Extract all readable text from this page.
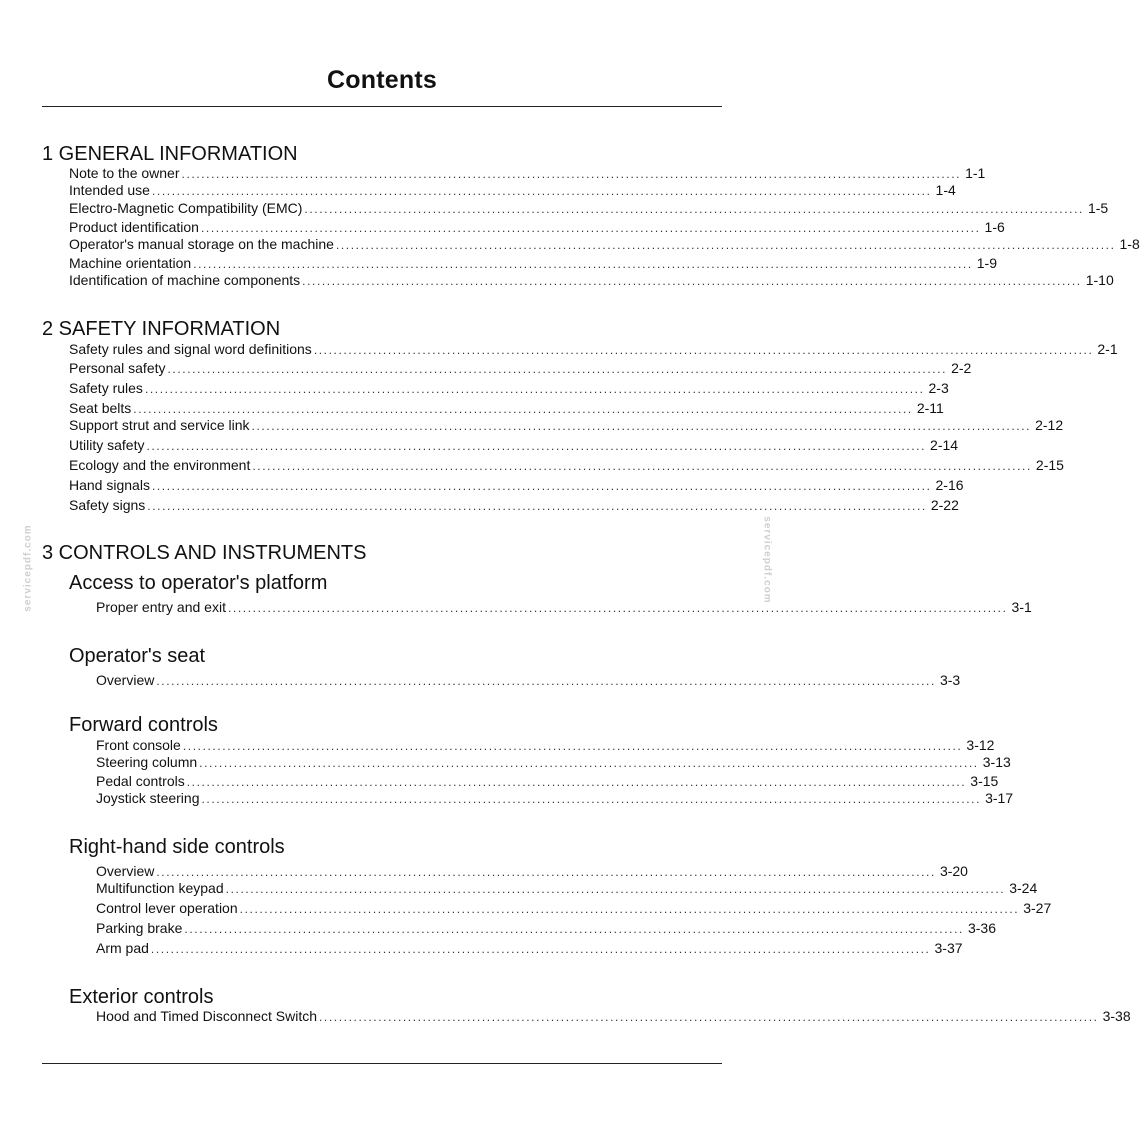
servicepdf.com	servicepdf.com
Contents
1 GENERAL INFORMATION
Note to the owner .............................................................................................................................................................. 1-1
Intended use .............................................................................................................................................................. 1-4
Electro-Magnetic Compatibility (EMC) .............................................................................................................................................................. 1-5
Product identification .............................................................................................................................................................. 1-6
Operator's manual storage on the machine .............................................................................................................................................................. 1-8
Machine orientation .............................................................................................................................................................. 1-9
Identification of machine components .............................................................................................................................................................. 1-10
2 SAFETY INFORMATION
Safety rules and signal word definitions .............................................................................................................................................................. 2-1
Personal safety .............................................................................................................................................................. 2-2
Safety rules .............................................................................................................................................................. 2-3
Seat belts .............................................................................................................................................................. 2-11
Support strut and service link .............................................................................................................................................................. 2-12
Utility safety .............................................................................................................................................................. 2-14
Ecology and the environment .............................................................................................................................................................. 2-15
Hand signals .............................................................................................................................................................. 2-16
Safety signs .............................................................................................................................................................. 2-22
3 CONTROLS AND INSTRUMENTS
Access to operator's platform
Proper entry and exit .............................................................................................................................................................. 3-1
Operator's seat
Overview .............................................................................................................................................................. 3-3
Forward controls
Front console .............................................................................................................................................................. 3-12
Steering column .............................................................................................................................................................. 3-13
Pedal controls .............................................................................................................................................................. 3-15
Joystick steering .............................................................................................................................................................. 3-17
Right-hand side controls
Overview .............................................................................................................................................................. 3-20
Multifunction keypad .............................................................................................................................................................. 3-24
Control lever operation .............................................................................................................................................................. 3-27
Parking brake .............................................................................................................................................................. 3-36
Arm pad .............................................................................................................................................................. 3-37
Exterior controls
Hood and Timed Disconnect Switch .............................................................................................................................................................. 3-38
